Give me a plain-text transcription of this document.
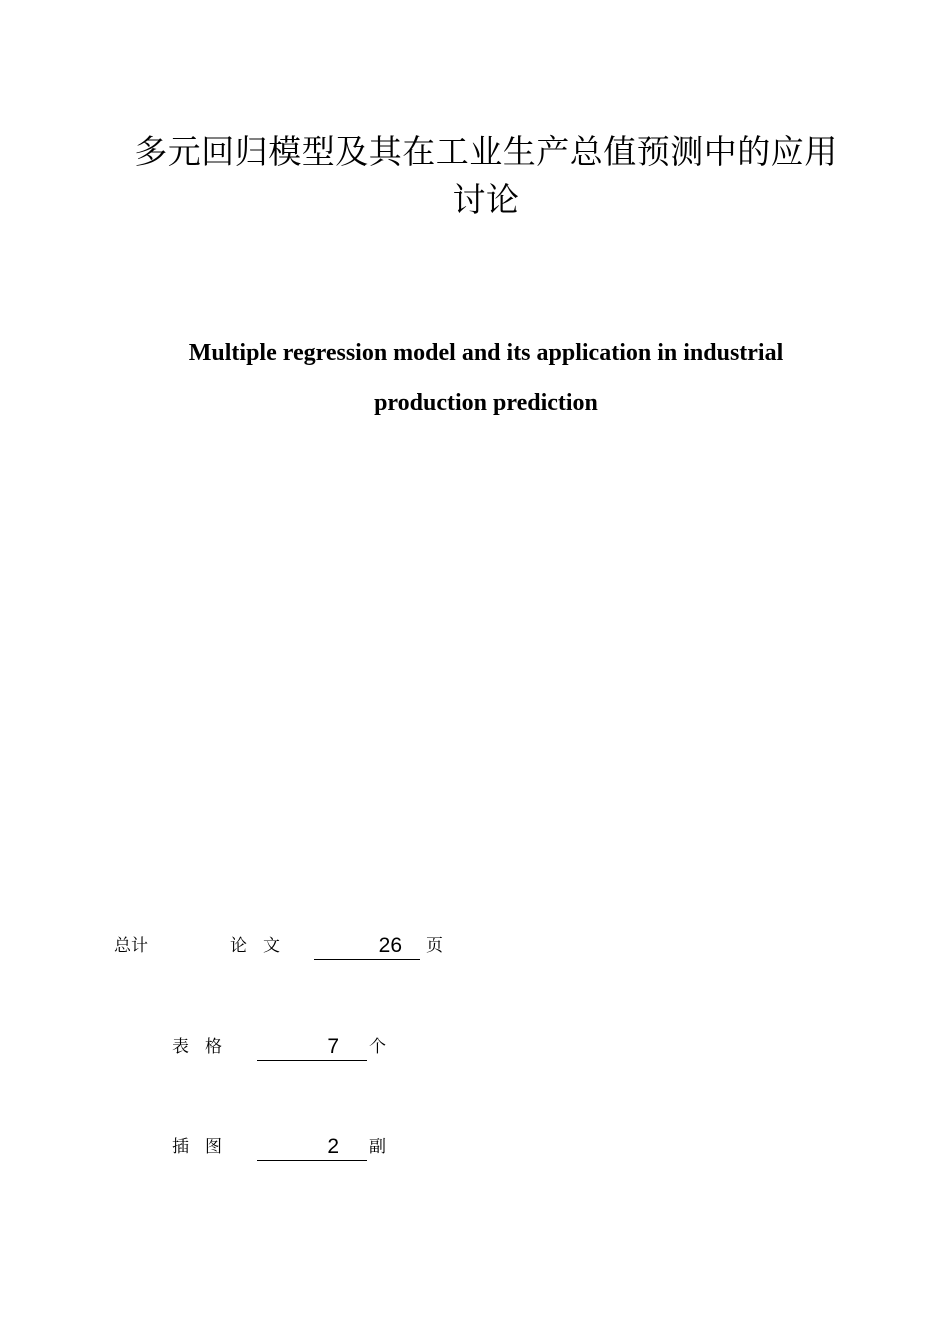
多元回归模型及其在工业生产总值预测中的应用
讨论
Multiple regression model and its application in industrial
production prediction
总计	论文	26	页
表格	7	个
插图	2	副
